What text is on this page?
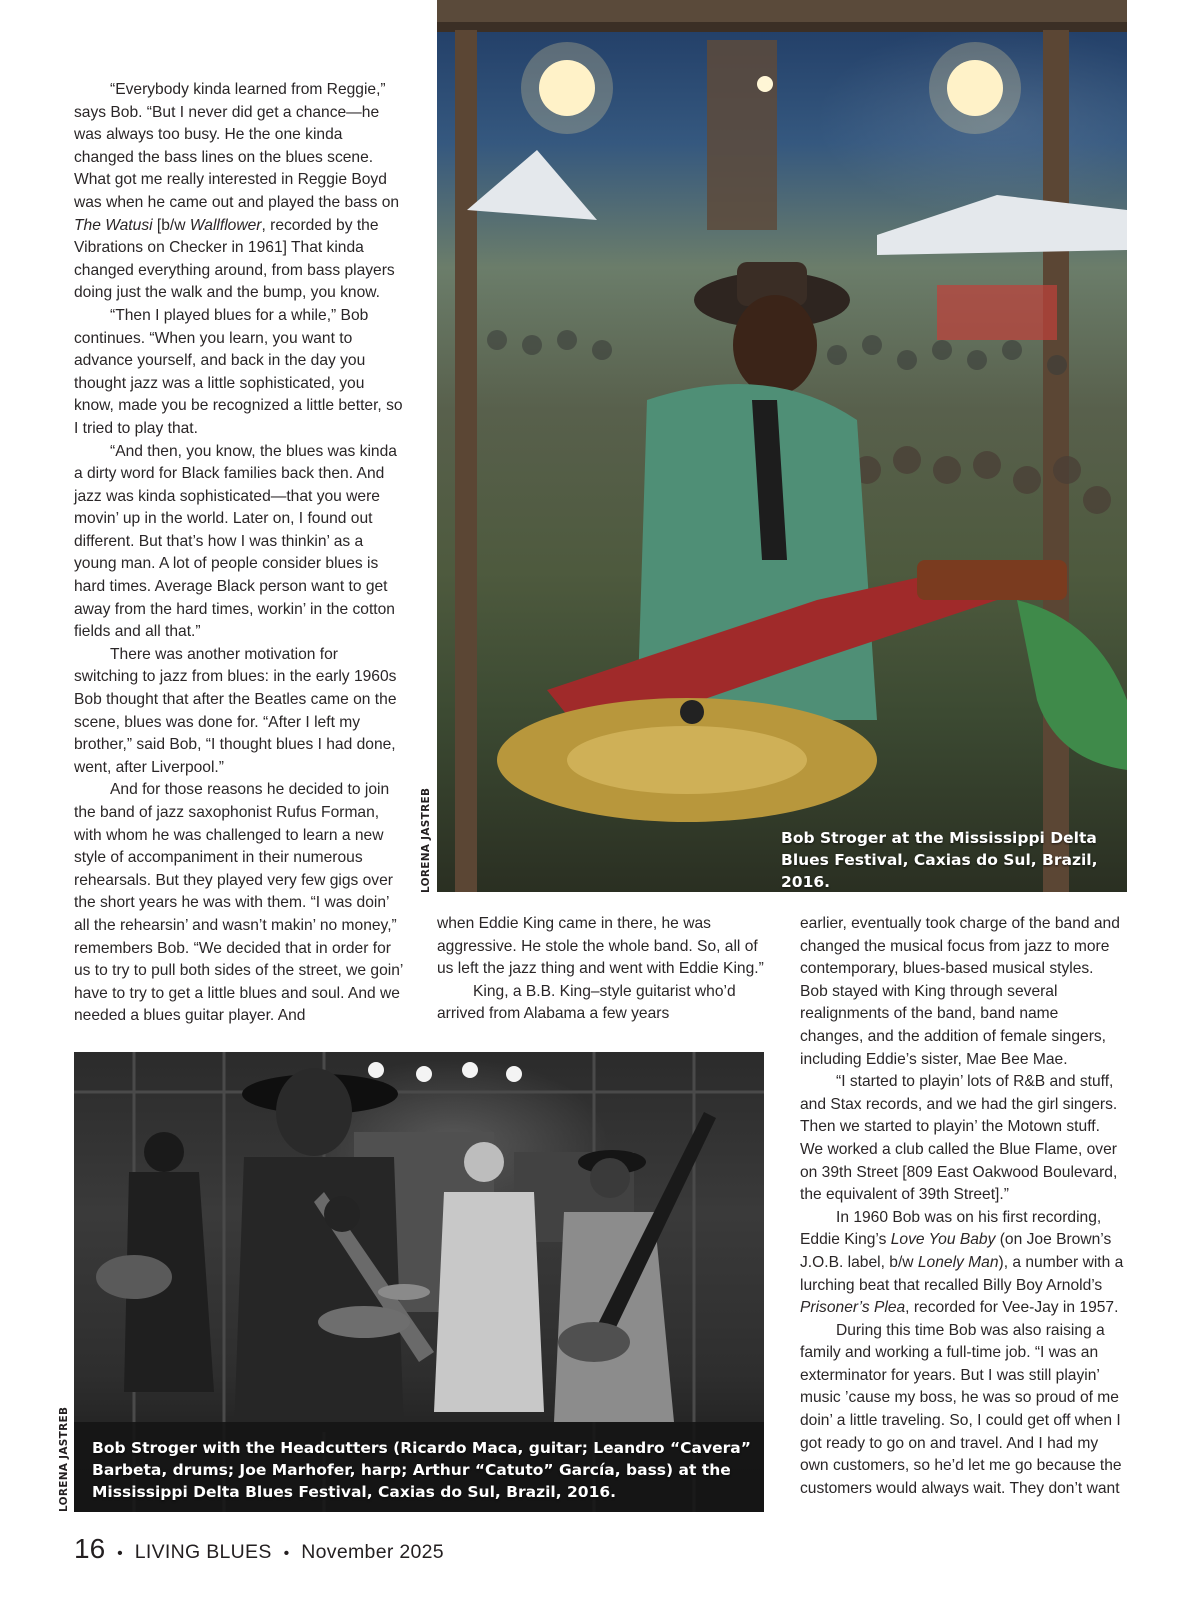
“Everybody kinda learned from Reggie,” says Bob. “But I never did get a chance—he was always too busy. He the one kinda changed the bass lines on the blues scene. What got me really interested in Reggie Boyd was when he came out and played the bass on The Watusi [b/w Wallflower, recorded by the Vibrations on Checker in 1961] That kinda changed everything around, from bass players doing just the walk and the bump, you know.

“Then I played blues for a while,” Bob continues. “When you learn, you want to advance yourself, and back in the day you thought jazz was a little sophisticated, you know, made you be recognized a little better, so I tried to play that.

“And then, you know, the blues was kinda a dirty word for Black families back then. And jazz was kinda sophisticated—that you were movin’ up in the world. Later on, I found out different. But that’s how I was thinkin’ as a young man. A lot of people consider blues is hard times. Average Black person want to get away from the hard times, workin’ in the cotton fields and all that.”

There was another motivation for switching to jazz from blues: in the early 1960s Bob thought that after the Beatles came on the scene, blues was done for. “After I left my brother,” said Bob, “I thought blues I had done, went, after Liverpool.”

And for those reasons he decided to join the band of jazz saxophonist Rufus Forman, with whom he was challenged to learn a new style of accompaniment in their numerous rehearsals. But they played very few gigs over the short years he was with them. “I was doin’ all the rehearsin’ and wasn’t makin’ no money,” remembers Bob. “We decided that in order for us to try to pull both sides of the street, we goin’ have to try to get a little blues and soul. And we needed a blues guitar player. And

Bob Stroger at the Mississippi Delta Blues Festival, Caxias do Sul, Brazil, 2016.
LORENA JASTREB

when Eddie King came in there, he was aggressive. He stole the whole band. So, all of us left the jazz thing and went with Eddie King.”

King, a B.B. King–style guitarist who’d arrived from Alabama a few years

earlier, eventually took charge of the band and changed the musical focus from jazz to more contemporary, blues-based musical styles. Bob stayed with King through several realignments of the band, band name changes, and the addition of female singers, including Eddie’s sister, Mae Bee Mae.

“I started to playin’ lots of R&B and stuff, and Stax records, and we had the girl singers. Then we started to playin’ the Motown stuff. We worked a club called the Blue Flame, over on 39th Street [809 East Oakwood Boulevard, the equivalent of 39th Street].”

In 1960 Bob was on his first recording, Eddie King’s Love You Baby (on Joe Brown’s J.O.B. label, b/w Lonely Man), a number with a lurching beat that recalled Billy Boy Arnold’s Prisoner’s Plea, recorded for Vee-Jay in 1957.

During this time Bob was also raising a family and working a full-time job. “I was an exterminator for years. But I was still playin’ music ’cause my boss, he was so proud of me doin’ a little traveling. So, I could get off when I got ready to go on and travel. And I had my own customers, so he’d let me go because the customers would always wait. They don’t want

Bob Stroger with the Headcutters (Ricardo Maca, guitar; Leandro “Cavera” Barbeta, drums; Joe Marhofer, harp; Arthur “Catuto” García, bass) at the Mississippi Delta Blues Festival, Caxias do Sul, Brazil, 2016.
LORENA JASTREB
16 • LIVING BLUES • November 2025
